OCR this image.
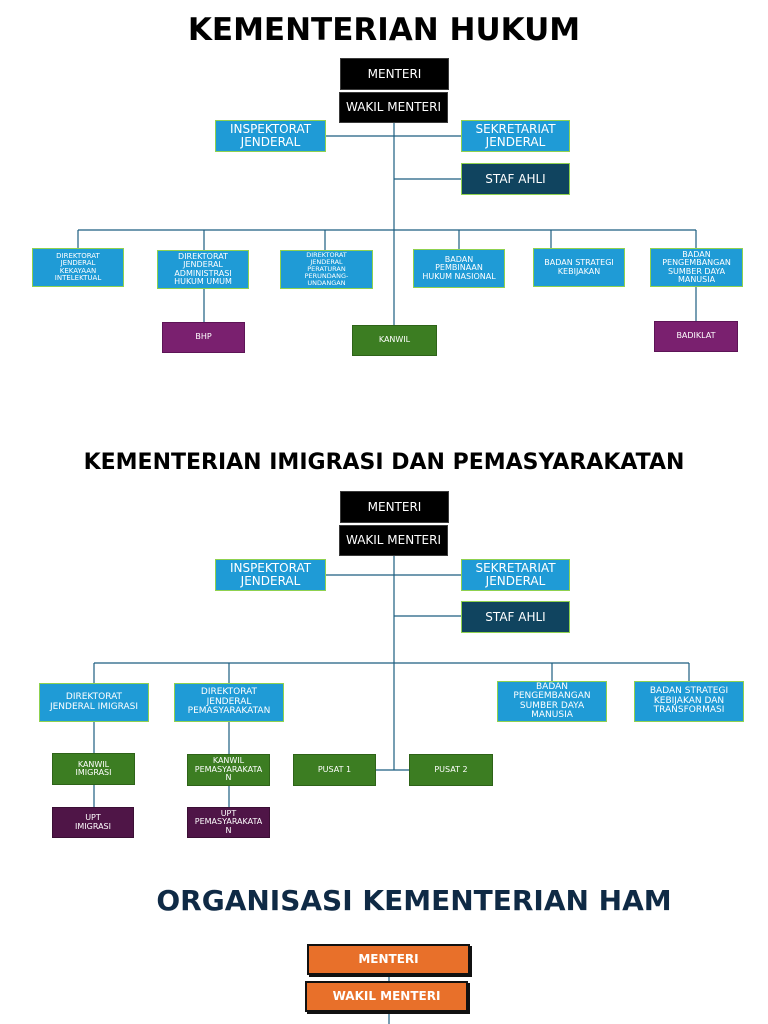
KEMENTERIAN HUKUM
KEMENTERIAN IMIGRASI DAN PEMASYARAKATAN
ORGANISASI KEMENTERIAN HAM
MENTERI
WAKIL MENTERI
INSPEKTORAT
JENDERAL
SEKRETARIAT
JENDERAL
STAF AHLI
DIREKTORAT
JENDERAL
KEKAYAAN
INTELEKTUAL
DIREKTORAT
JENDERAL
ADMINISTRASI
HUKUM UMUM
DIREKTORAT
JENDERAL
PERATURAN
PERUNDANG-
UNDANGAN
BADAN
PEMBINAAN
HUKUM NASIONAL
BADAN STRATEGI
KEBIJAKAN
BADAN
PENGEMBANGAN
SUMBER DAYA
MANUSIA
BHP	KANWIL	BADIKLAT
MENTERI
WAKIL MENTERI
INSPEKTORAT
JENDERAL
SEKRETARIAT
JENDERAL
STAF AHLI
DIREKTORAT
JENDERAL IMIGRASI
DIREKTORAT
JENDERAL
PEMASYARAKATAN
BADAN
PENGEMBANGAN
SUMBER DAYA
MANUSIA
BADAN STRATEGI
KEBIJAKAN DAN
TRANSFORMASI
KANWIL
IMIGRASI
KANWIL
PEMASYARAKATA
N
PUSAT 1	PUSAT 2
UPT
IMIGRASI
UPT
PEMASYARAKATA
N
MENTERI
WAKIL MENTERI
